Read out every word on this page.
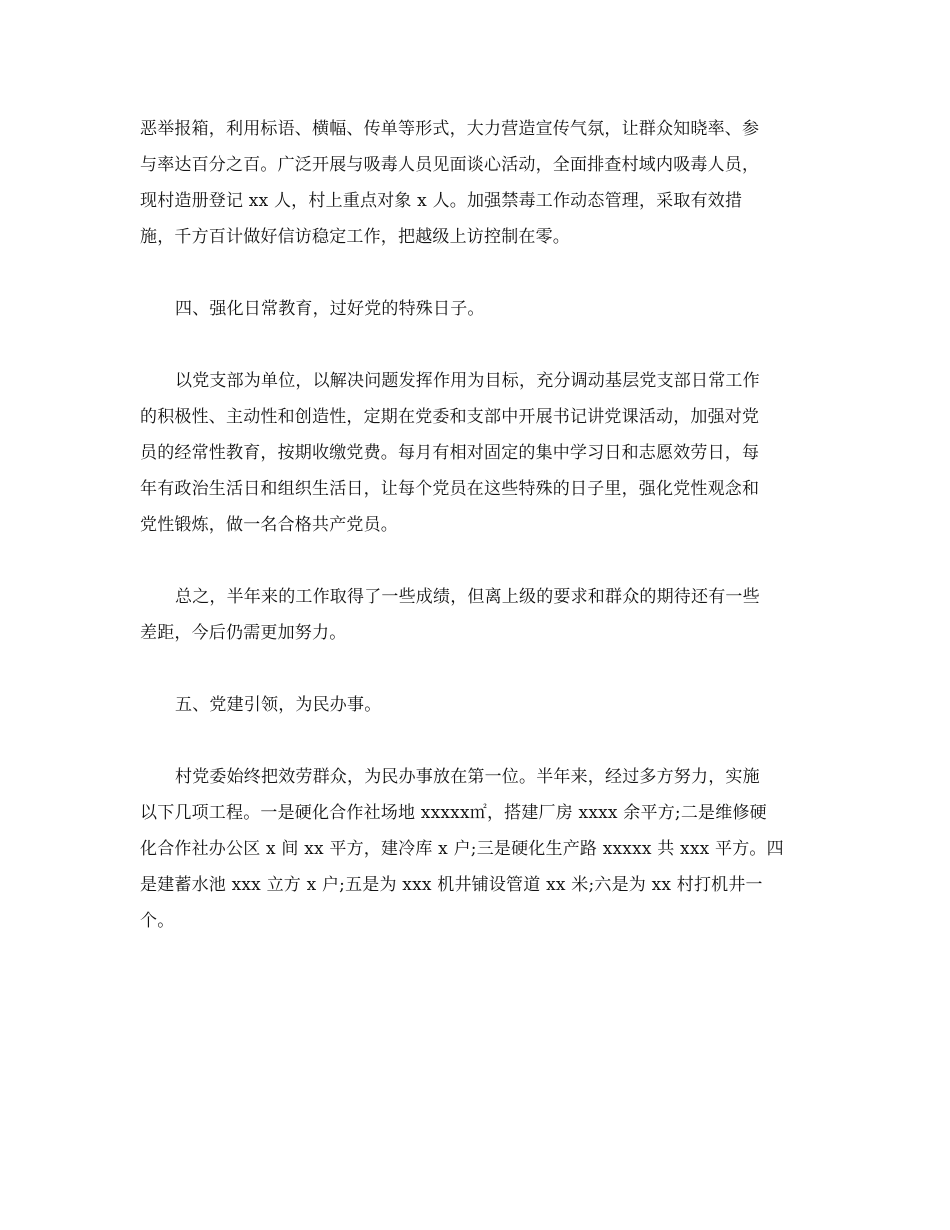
恶举报箱，利用标语、横幅、传单等形式，大力营造宣传气氛，让群众知晓率、参
与率达百分之百。广泛开展与吸毒人员见面谈心活动，全面排查村域内吸毒人员，
现村造册登记 xx 人，村上重点对象 x 人。加强禁毒工作动态管理，采取有效措
施，千方百计做好信访稳定工作，把越级上访控制在零。
四、强化日常教育，过好党的特殊日子。
以党支部为单位，以解决问题发挥作用为目标，充分调动基层党支部日常工作
的积极性、主动性和创造性，定期在党委和支部中开展书记讲党课活动，加强对党
员的经常性教育，按期收缴党费。每月有相对固定的集中学习日和志愿效劳日，每
年有政治生活日和组织生活日，让每个党员在这些特殊的日子里，强化党性观念和
党性锻炼，做一名合格共产党员。
总之，半年来的工作取得了一些成绩，但离上级的要求和群众的期待还有一些
差距，今后仍需更加努力。
五、党建引领，为民办事。
村党委始终把效劳群众，为民办事放在第一位。半年来，经过多方努力，实施
以下几项工程。一是硬化合作社场地 xxxxx㎡，搭建厂房 xxxx 余平方;二是维修硬
化合作社办公区 x 间 xx 平方，建冷库 x 户;三是硬化生产路 xxxxx 共 xxx 平方。四
是建蓄水池 xxx 立方 x 户;五是为 xxx 机井铺设管道 xx 米;六是为 xx 村打机井一
个。
